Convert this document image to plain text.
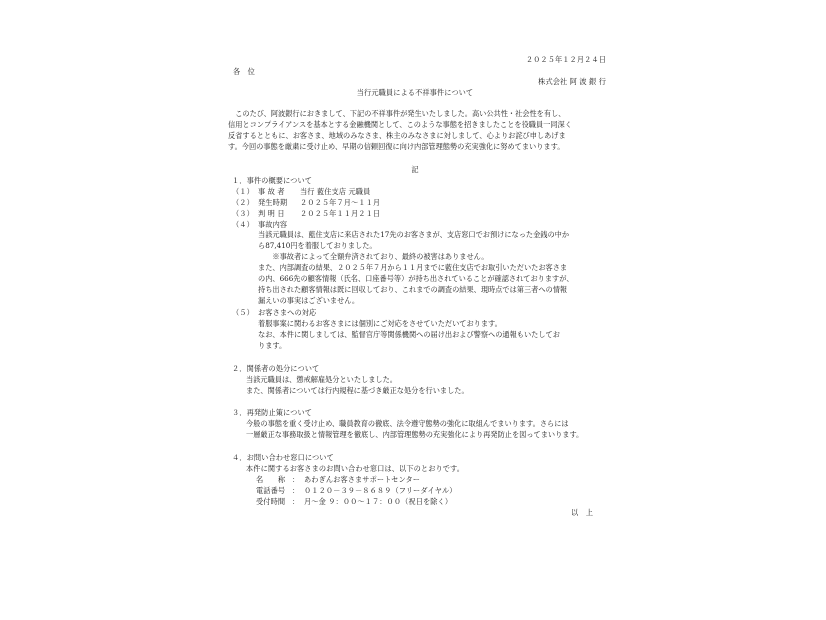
２０２５年１２月２４日
各　位
株式会社 阿 波 銀 行
当行元職員による不祥事件について
　このたび、阿波銀行におきまして、下記の不祥事件が発生いたしました。高い公共性・社会性を有し、
信用とコンプライアンスを基本とする金融機関として、このような事態を招きましたことを役職員一同深く
反省するとともに、お客さま、地域のみなさま、株主のみなさまに対しまして、心よりお詫び申しあげま
す。今回の事態を厳粛に受け止め、早期の信頼回復に向け内部管理態勢の充実強化に努めてまいります。
記
１．事件の概要について
（１） 事 故 者 当行 藍住支店 元職員
（２） 発生時期 ２０２５年７月～１１月
（３） 判 明 日 ２０２５年１１月２１日
（４） 事故内容
当該元職員は、藍住支店に来店された17先のお客さまが、支店窓口でお預けになった金銭の中か
ら87,410円を着服しておりました。
　　※事故者によって全額弁済されており、最終の被害はありません。
また、内部調査の結果、２０２５年７月から１１月までに藍住支店でお取引いただいたお客さま
の内、666先の顧客情報（氏名、口座番号等）が持ち出されていることが確認されておりますが、
持ち出された顧客情報は既に回収しており、これまでの調査の結果、現時点では第三者への情報
漏えいの事実はございません。
（５） お客さまへの対応
着服事案に関わるお客さまには個別にご対応をさせていただいております。
なお、本件に関しましては、監督官庁等関係機関への届け出および警察への通報もいたしてお
ります。
２．関係者の処分について
当該元職員は、懲戒解雇処分といたしました。
また、関係者については行内規程に基づき厳正な処分を行いました。
３．再発防止策について
今般の事態を重く受け止め、職員教育の徹底、法令遵守態勢の強化に取組んでまいります。さらには
一層厳正な事務取扱と情報管理を徹底し、内部管理態勢の充実強化により再発防止を図ってまいります。
４．お問い合わせ窓口について
本件に関するお客さまのお問い合わせ窓口は、以下のとおりです。
名　　称 ： あわぎんお客さまサポートセンター
電話番号 ： ０１２０－３９－８６８９（フリーダイヤル）
受付時間 ： 月～金 ９：００～１７：００（祝日を除く）
以　上
